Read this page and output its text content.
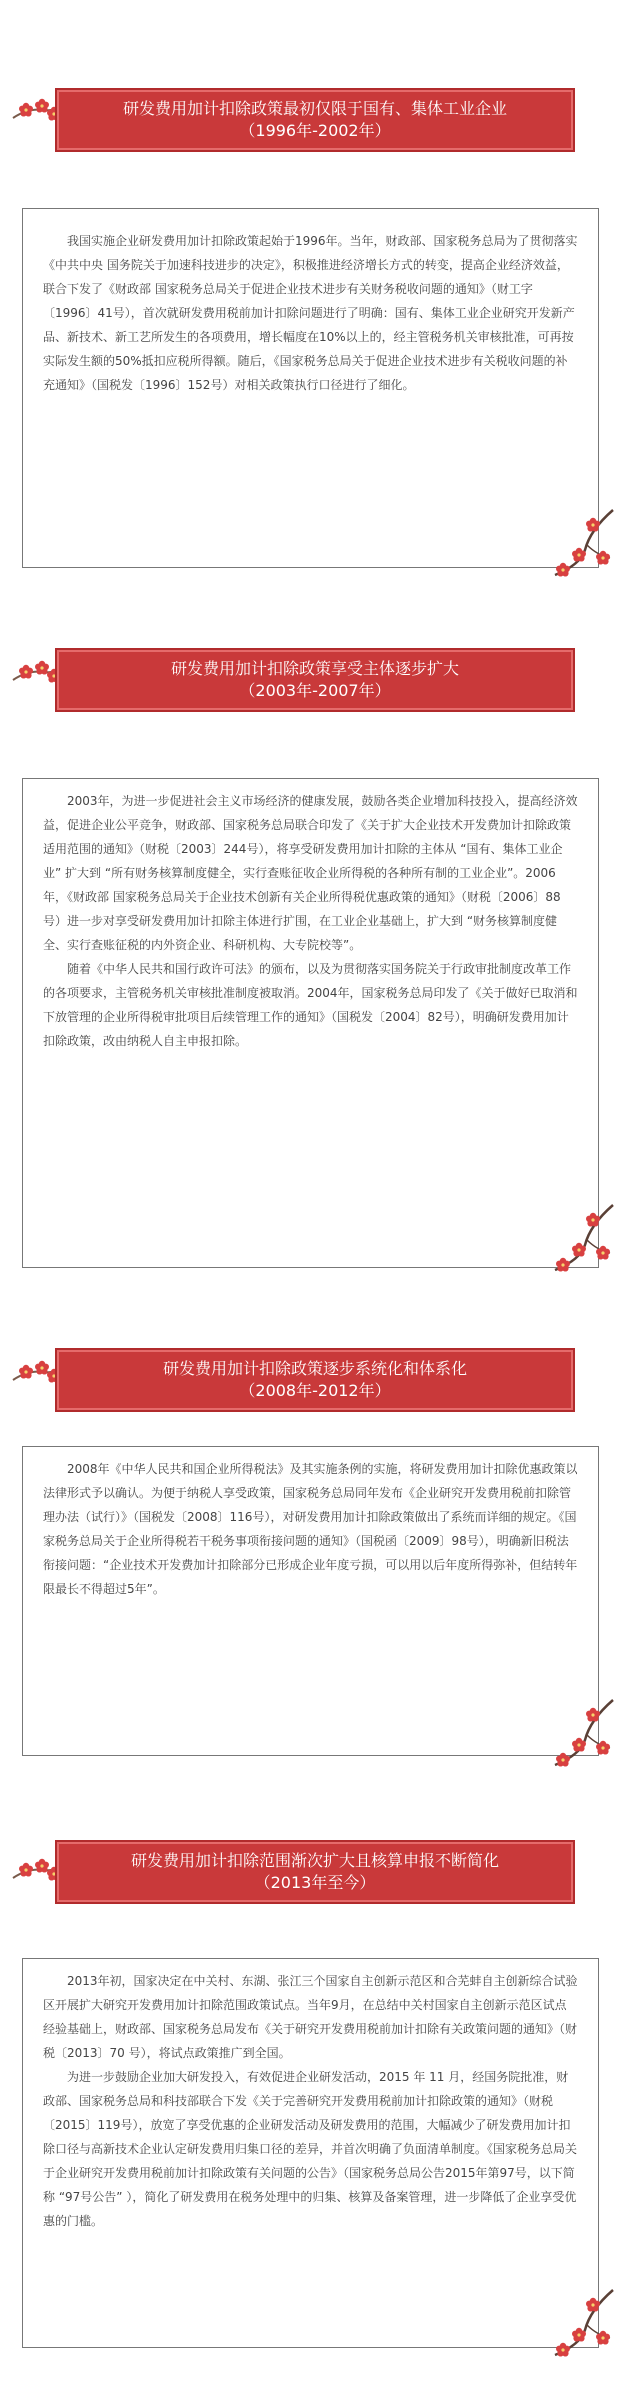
研发费用加计扣除政策最初仅限于国有、集体工业企业
（1996年-2002年）

我国实施企业研发费用加计扣除政策起始于1996年。当年，财政部、国家税务总局为了贯彻落实《中共中央 国务院关于加速科技进步的决定》，积极推进经济增长方式的转变，提高企业经济效益，联合下发了《财政部 国家税务总局关于促进企业技术进步有关财务税收问题的通知》（财工字〔1996〕41号），首次就研发费用税前加计扣除问题进行了明确：国有、集体工业企业研究开发新产品、新技术、新工艺所发生的各项费用，增长幅度在10%以上的，经主管税务机关审核批准，可再按实际发生额的50%抵扣应税所得额。随后，《国家税务总局关于促进企业技术进步有关税收问题的补充通知》（国税发〔1996〕152号）对相关政策执行口径进行了细化。

研发费用加计扣除政策享受主体逐步扩大
（2003年-2007年）

2003年，为进一步促进社会主义市场经济的健康发展，鼓励各类企业增加科技投入，提高经济效益，促进企业公平竞争，财政部、国家税务总局联合印发了《关于扩大企业技术开发费加计扣除政策适用范围的通知》（财税〔2003〕244号），将享受研发费用加计扣除的主体从 “国有、集体工业企业” 扩大到 “所有财务核算制度健全，实行查账征收企业所得税的各种所有制的工业企业”。2006年，《财政部 国家税务总局关于企业技术创新有关企业所得税优惠政策的通知》（财税〔2006〕88号）进一步对享受研发费用加计扣除主体进行扩围，在工业企业基础上，扩大到 “财务核算制度健全、实行查账征税的内外资企业、科研机构、大专院校等”。

随着《中华人民共和国行政许可法》的颁布，以及为贯彻落实国务院关于行政审批制度改革工作的各项要求，主管税务机关审核批准制度被取消。2004年，国家税务总局印发了《关于做好已取消和下放管理的企业所得税审批项目后续管理工作的通知》（国税发〔2004〕82号），明确研发费用加计扣除政策，改由纳税人自主申报扣除。

研发费用加计扣除政策逐步系统化和体系化
（2008年-2012年）

2008年《中华人民共和国企业所得税法》及其实施条例的实施，将研发费用加计扣除优惠政策以法律形式予以确认。为便于纳税人享受政策，国家税务总局同年发布《企业研究开发费用税前扣除管理办法（试行）》（国税发〔2008〕116号），对研发费用加计扣除政策做出了系统而详细的规定。《国家税务总局关于企业所得税若干税务事项衔接问题的通知》（国税函〔2009〕98号），明确新旧税法衔接问题：“企业技术开发费加计扣除部分已形成企业年度亏损，可以用以后年度所得弥补，但结转年限最长不得超过5年”。

研发费用加计扣除范围渐次扩大且核算申报不断简化
（2013年至今）

2013年初，国家决定在中关村、东湖、张江三个国家自主创新示范区和合芜蚌自主创新综合试验区开展扩大研究开发费用加计扣除范围政策试点。当年9月，在总结中关村国家自主创新示范区试点经验基础上，财政部、国家税务总局发布《关于研究开发费用税前加计扣除有关政策问题的通知》（财税〔2013〕70 号），将试点政策推广到全国。

为进一步鼓励企业加大研发投入，有效促进企业研发活动，2015 年 11 月，经国务院批准，财政部、国家税务总局和科技部联合下发《关于完善研究开发费用税前加计扣除政策的通知》（财税〔2015〕119号），放宽了享受优惠的企业研发活动及研发费用的范围，大幅减少了研发费用加计扣除口径与高新技术企业认定研发费用归集口径的差异，并首次明确了负面清单制度。《国家税务总局关于企业研究开发费用税前加计扣除政策有关问题的公告》（国家税务总局公告2015年第97号，以下简称 “97号公告” ），简化了研发费用在税务处理中的归集、核算及备案管理，进一步降低了企业享受优惠的门槛。
